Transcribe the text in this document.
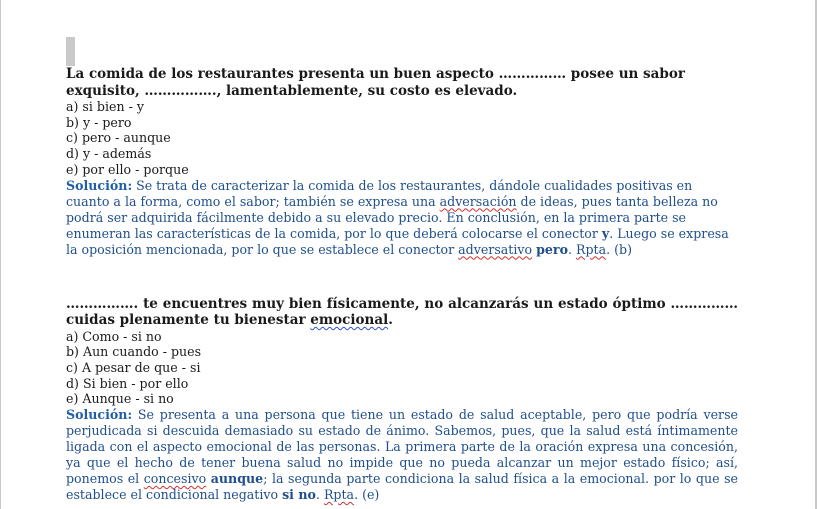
La comida de los restaurantes presenta un buen aspecto …………… posee un sabor exquisito, ……………., lamentablemente, su costo es elevado.

a) si bien - y

b) y - pero

c) pero - aunque

d) y - además

e) por ello - porque

Solución: Se trata de caracterizar la comida de los restaurantes, dándole cualidades positivas en cuanto a la forma, como el sabor; también se expresa una adversación de ideas, pues tanta belleza no podrá ser adquirida fácilmente debido a su elevado precio. En conclusión, en la primera parte se enumeran las características de la comida, por lo que deberá colocarse el conector y. Luego se expresa la oposición mencionada, por lo que se establece el conector adversativo pero. Rpta. (b)

……………. te encuentres muy bien físicamente, no alcanzarás un estado óptimo …………… cuidas plenamente tu bienestar emocional.

a) Como - si no

b) Aun cuando - pues

c) A pesar de que - si

d) Si bien - por ello

e) Aunque - si no

Solución: Se presenta a una persona que tiene un estado de salud aceptable, pero que podría verse perjudicada si descuida demasiado su estado de ánimo. Sabemos, pues, que la salud está íntimamente ligada con el aspecto emocional de las personas. La primera parte de la oración expresa una concesión, ya que el hecho de tener buena salud no impide que no pueda alcanzar un mejor estado físico; así, ponemos el concesivo aunque; la segunda parte condiciona la salud física a la emocional. por lo que se establece el condicional negativo si no. Rpta. (e)
